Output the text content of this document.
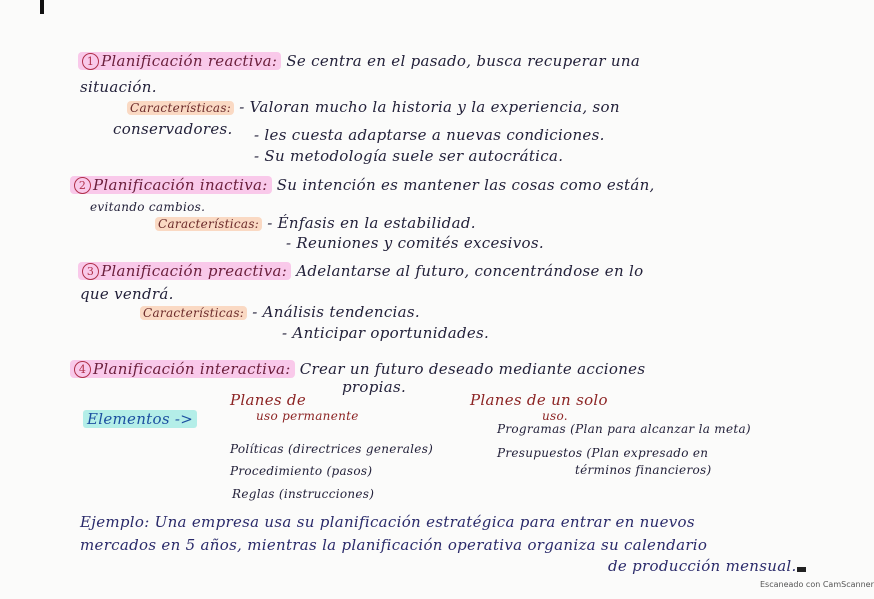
1 Planificación reactiva: Se centra en el pasado, busca recuperar una
situación.
Características: - Valoran mucho la historia y la experiencia, son
conservadores. - les cuesta adaptarse a nuevas condiciones.
- Su metodología suele ser autocrática.
2 Planificación inactiva: Su intención es mantener las cosas como están,
evitando cambios.
Características: - Énfasis en la estabilidad.
- Reuniones y comités excesivos.
3 Planificación preactiva: Adelantarse al futuro, concentrándose en lo
que vendrá.
Características: - Análisis tendencias.
- Anticipar oportunidades.
4 Planificación interactiva: Crear un futuro deseado mediante acciones
propias.
Elementos ->
Planes de
uso permanente
Planes de un solo
uso.
Políticas (directrices generales)
Procedimiento (pasos)
Reglas (instrucciones)
Programas (Plan para alcanzar la meta)
Presupuestos (Plan expresado en
términos financieros)
Ejemplo: Una empresa usa su planificación estratégica para entrar en nuevos
mercados en 5 años, mientras la planificación operativa organiza su calendario
de producción mensual.
Escaneado con CamScanner
